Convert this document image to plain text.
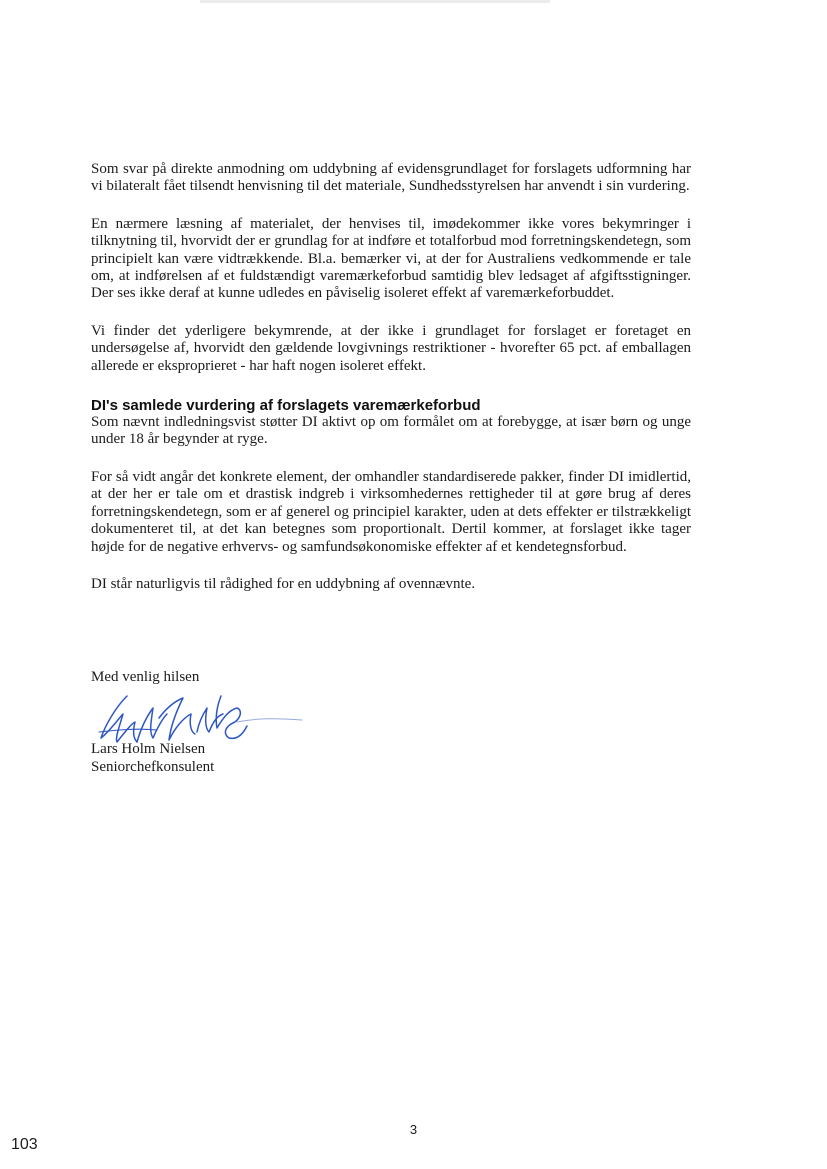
Som svar på direkte anmodning om uddybning af evidensgrundlaget for forslagets udformning har vi bilateralt fået tilsendt henvisning til det materiale, Sundhedsstyrelsen har anvendt i sin vurdering.

En nærmere læsning af materialet, der henvises til, imødekommer ikke vores bekymringer i tilknytning til, hvorvidt der er grundlag for at indføre et totalforbud mod forretningskendetegn, som principielt kan være vidtrækkende. Bl.a. bemærker vi, at der for Australiens vedkommende er tale om, at indførelsen af et fuldstændigt varemærkeforbud samtidig blev ledsaget af afgiftsstigninger. Der ses ikke deraf at kunne udledes en påviselig isoleret effekt af varemærkeforbuddet.

Vi finder det yderligere bekymrende, at der ikke i grundlaget for forslaget er foretaget en undersøgelse af, hvorvidt den gældende lovgivnings restriktioner - hvorefter 65 pct. af emballagen allerede er eksproprieret - har haft nogen isoleret effekt.

DI's samlede vurdering af forslagets varemærkeforbud

Som nævnt indledningsvist støtter DI aktivt op om formålet om at forebygge, at især børn og unge under 18 år begynder at ryge.

For så vidt angår det konkrete element, der omhandler standardiserede pakker, finder DI imidlertid, at der her er tale om et drastisk indgreb i virksomhedernes rettigheder til at gøre brug af deres forretningskendetegn, som er af generel og principiel karakter, uden at dets effekter er tilstrækkeligt dokumenteret til, at det kan betegnes som proportionalt. Dertil kommer, at forslaget ikke tager højde for de negative erhvervs- og samfundsøkonomiske effekter af et kendetegnsforbud.

DI står naturligvis til rådighed for en uddybning af ovennævnte.

Med venlig hilsen
Lars Holm Nielsen
Seniorchefkonsulent
3
103
